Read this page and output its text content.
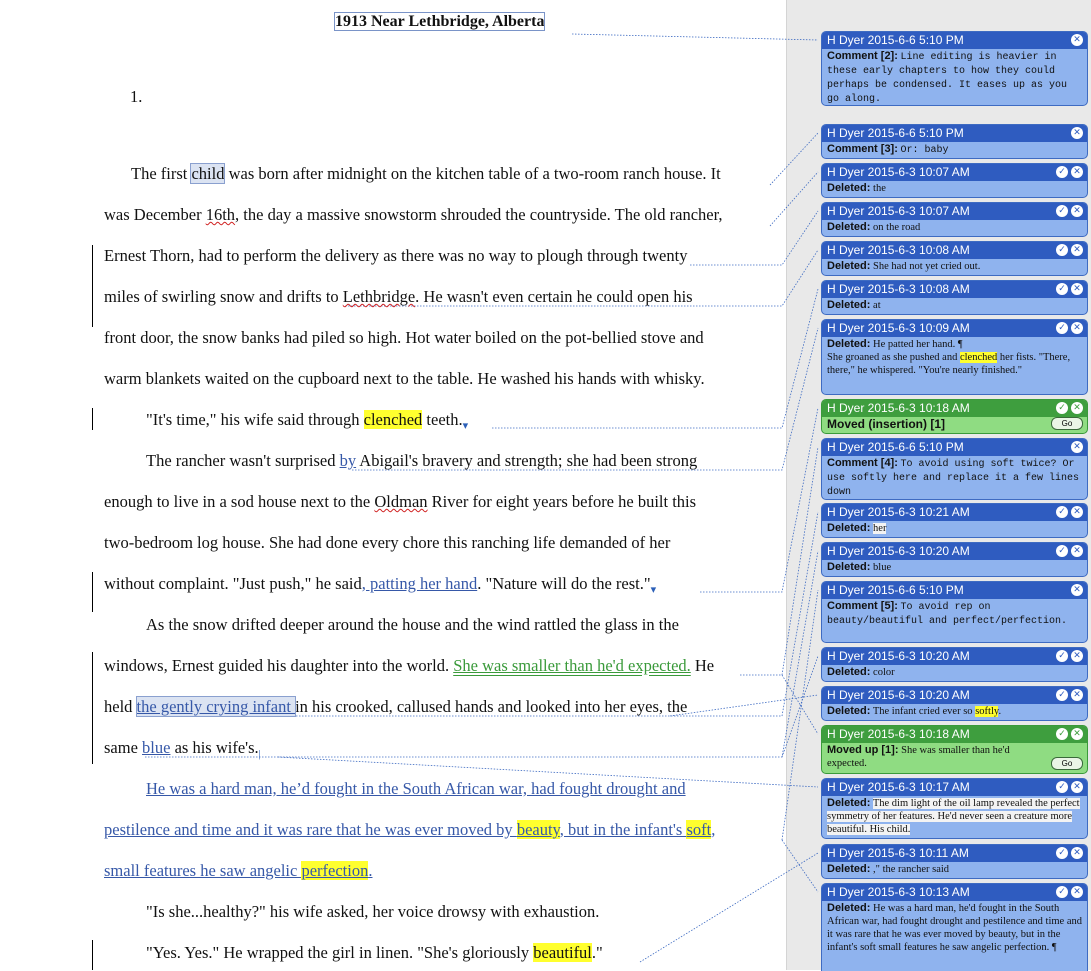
1913 Near Lethbridge, Alberta
1.
The first child was born after midnight on the kitchen table of a two-room ranch house. It
was December 16th, the day a massive snowstorm shrouded the countryside. The old rancher,
Ernest Thorn, had to perform the delivery as there was no way to plough through twenty
miles of swirling snow and drifts to Lethbridge. He wasn't even certain he could open his
front door, the snow banks had piled so high. Hot water boiled on the pot-bellied stove and
warm blankets waited on the cupboard next to the table. He washed his hands with whisky.
"It's time," his wife said through clenched $teeth._▾$
The rancher wasn't surprised by Abigail's bravery and strength; she had been strong
enough to live in a sod house next to the Oldman River for eight years before he built this
two-bedroom log house. She had done every chore this ranching life demanded of her
without complaint. "Just push," he said, patting her hand. "Nature will do the $rest."_▾$
As the snow drifted deeper around the house and the wind rattled the glass in the
windows, Ernest guided his daughter into the world. She was smaller than he'd expected. He
held the gently crying infant in his crooked, callused hands and looked into her eyes, the
same blue as his $wife's._|$
He was a hard man, he’d fought in the South African war, had fought drought and
pestilence and time and it was rare that he was ever moved by beauty, but in the infant's soft,
small features he saw angelic perfection.
"Is she...healthy?" his wife asked, her voice drowsy with exhaustion.
"Yes. Yes." He wrapped the girl in linen. "She's gloriously beautiful."
H Dyer 2015-6-6 5:10 PM	✕
Comment [2]: Line editing is heavier in these early chapters to how they could perhaps be condensed. It eases up as you go along.
H Dyer 2015-6-6 5:10 PM	✕
Comment [3]: Or: baby
H Dyer 2015-6-3 10:07 AM	✓ ✕
Deleted: the
H Dyer 2015-6-3 10:07 AM	✓ ✕
Deleted: on the road
H Dyer 2015-6-3 10:08 AM	✓ ✕
Deleted: She had not yet cried out.
H Dyer 2015-6-3 10:08 AM	✓ ✕
Deleted: at
H Dyer 2015-6-3 10:09 AM	✓ ✕
Deleted: He patted her hand. ¶
She groaned as she pushed and clenched her fists. "There, there," he whispered. "You're nearly finished."
H Dyer 2015-6-3 10:18 AM	✓ ✕
Moved (insertion) [1]	Go
H Dyer 2015-6-6 5:10 PM	✕
Comment [4]: To avoid using soft twice? Or use softly here and replace it a few lines down
H Dyer 2015-6-3 10:21 AM	✓ ✕
Deleted: her
H Dyer 2015-6-3 10:20 AM	✓ ✕
Deleted: blue
H Dyer 2015-6-6 5:10 PM	✕
Comment [5]: To avoid rep on beauty/beautiful and perfect/perfection.
H Dyer 2015-6-3 10:20 AM	✓ ✕
Deleted: color
H Dyer 2015-6-3 10:20 AM	✓ ✕
Deleted: The infant cried ever so softly.
H Dyer 2015-6-3 10:18 AM	✓ ✕
Moved up [1]: She was smaller than he'd expected.	Go
H Dyer 2015-6-3 10:17 AM	✓ ✕
Deleted: The dim light of the oil lamp revealed the perfect symmetry of her features. He'd never seen a creature more beautiful. His child.
H Dyer 2015-6-3 10:11 AM	✓ ✕
Deleted: ," the rancher said
H Dyer 2015-6-3 10:13 AM	✓ ✕
Deleted: He was a hard man, he'd fought in the South African war, had fought drought and pestilence and time and it was rare that he was ever moved by beauty, but in the infant's soft small features he saw angelic perfection. ¶
